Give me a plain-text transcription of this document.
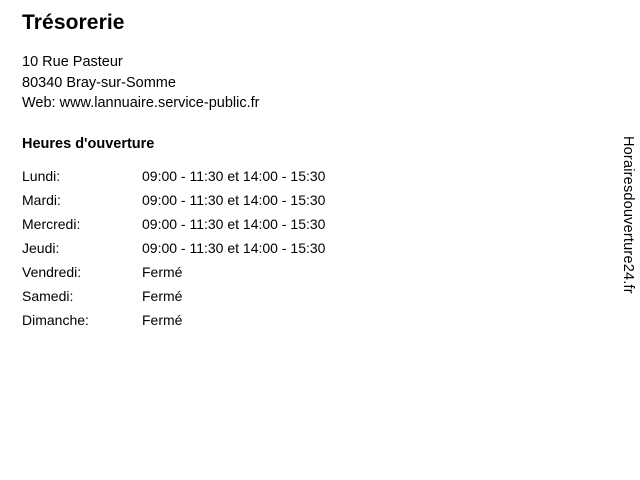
Trésorerie
10 Rue Pasteur
80340 Bray-sur-Somme
Web: www.lannuaire.service-public.fr
Heures d'ouverture
Lundi:	09:00 - 11:30 et 14:00 - 15:30
Mardi:	09:00 - 11:30 et 14:00 - 15:30
Mercredi:	09:00 - 11:30 et 14:00 - 15:30
Jeudi:	09:00 - 11:30 et 14:00 - 15:30
Vendredi:	Fermé
Samedi:	Fermé
Dimanche:	Fermé
Horairesdouverture24.fr
